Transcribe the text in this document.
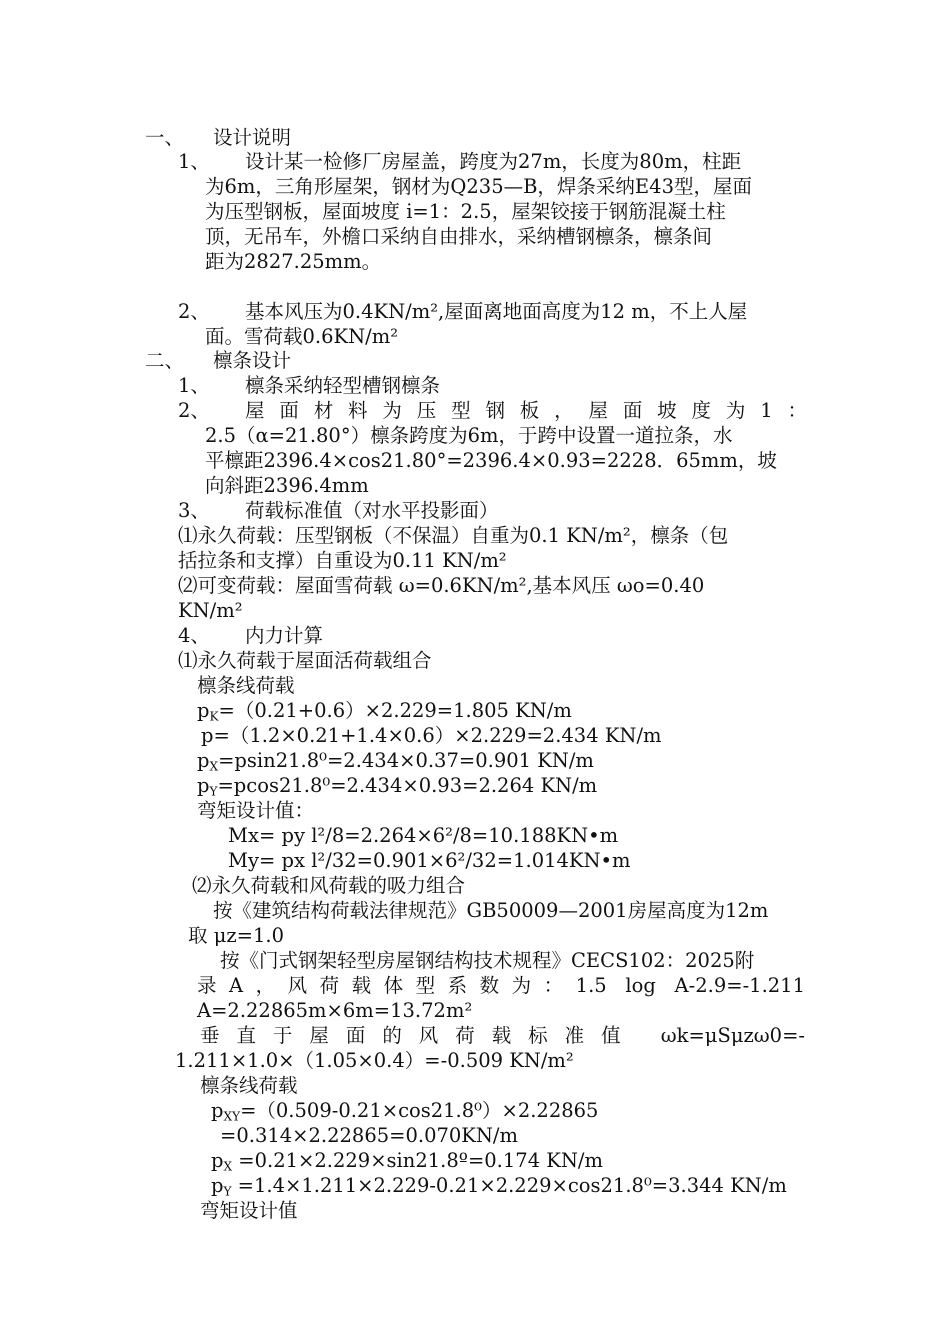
一、 设计说明
1、 设计某一检修厂房屋盖，跨度为27m，长度为80m，柱距
为6m，三角形屋架，钢材为Q235—B，焊条采纳E43型，屋面
为压型钢板，屋面坡度 i=1：2.5，屋架铰接于钢筋混凝土柱
顶，无吊车，外檐口采纳自由排水，采纳槽钢檩条，檩条间
距为2827.25mm。
2、 基本风压为0.4KN/m²,屋面离地面高度为12 m，不上人屋
面。雪荷载0.6KN/m²
二、 檩条设计
1、 檩条采纳轻型槽钢檩条
2、 屋面材料为压型钢板，屋面坡度为1：
2.5（α=21.80°）檩条跨度为6m，于跨中设置一道拉条，水
平檩距2396.4×cos21.80°=2396.4×0.93=2228．65mm，坡
向斜距2396.4mm
3、 荷载标准值（对水平投影面）
⑴永久荷载：压型钢板（不保温）自重为0.1 KN/m²，檩条（包
括拉条和支撑）自重设为0.11 KN/m²
⑵可变荷载：屋面雪荷载 ω=0.6KN/m²,基本风压 ωo=0.40
KN/m²
4、 内力计算
⑴永久荷载于屋面活荷载组合
檩条线荷载
$p_K=(0.21+0.6)\times 2.229=1.805$ KN/m
p=（1.2×0.21+1.4×0.6）×2.229=2.434 KN/m
$p_X=psin21.8^0=2.434\times 0.37=0.901$ KN/m
$p_Y=pcos21.8^0=2.434\times 0.93=2.264$ KN/m
弯矩设计值：
Mx= py l²/8=2.264×6²/8=10.188KN•m
My= px l²/32=0.901×6²/32=1.014KN•m
⑵永久荷载和风荷载的吸力组合
按《建筑结构荷载法律规范》GB50009—2001房屋高度为12m
取 μz=1.0
按《门式钢架轻型房屋钢结构技术规程》CECS102：2025附
录A，风荷载体型系数为：1.5 log A-2.9=-1.211
A=2.22865m×6m=13.72m²
垂直于屋面的风荷载标准值 ωk=μSμzω0=-
1.211×1.0×（1.05×0.4）=-0.509 KN/m²
檩条线荷载
$p_{XY}=(0.509-0.21\times\cos 21.8^0)\times 2.22865$
=0.314×2.22865=0.070KN/m
$p_X$ =0.21×2.229×sin21.8º=0.174 KN/m
$p_Y =1.4\times 1.211\times 2.229-0.21\times 2.229\times\cos 21.8^0=3.344$ KN/m
弯矩设计值
